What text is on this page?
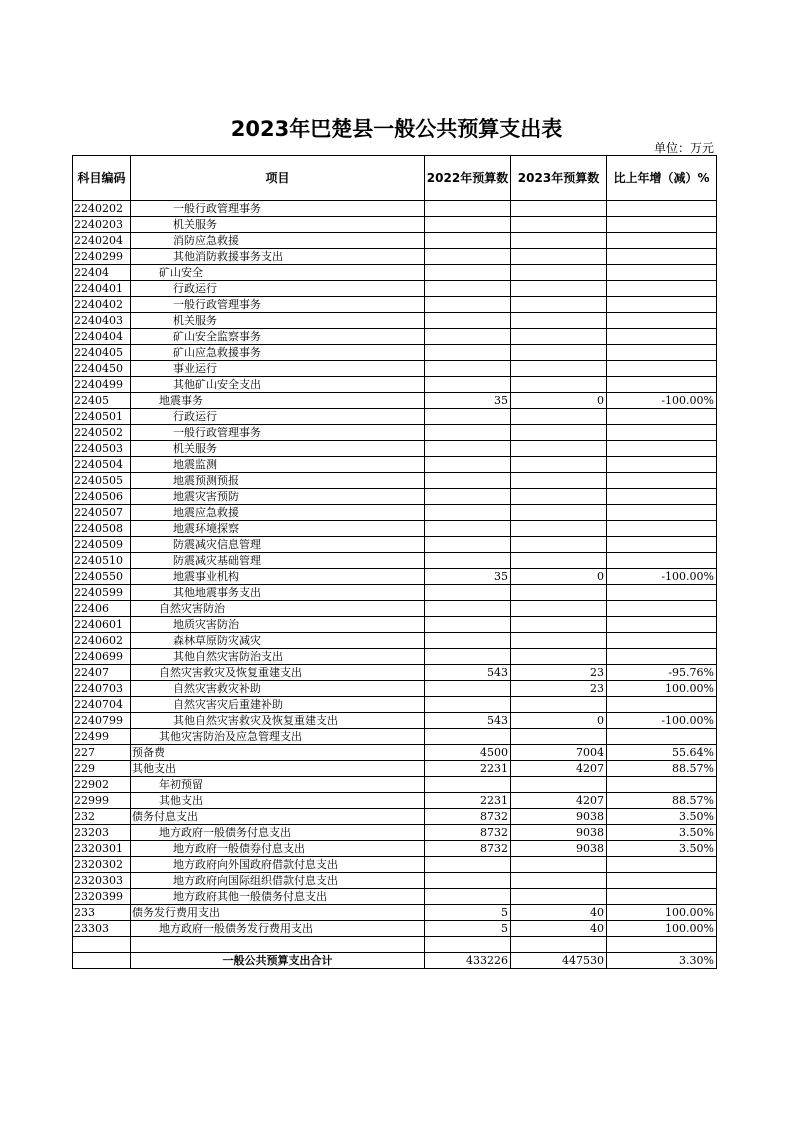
2023年巴楚县一般公共预算支出表
单位：万元
科目编码	项目	2022年预算数	2023年预算数	比上年增（减）%
2240202	一般行政管理事务			
2240203	机关服务			
2240204	消防应急救援			
2240299	其他消防救援事务支出			
22404	矿山安全			
2240401	行政运行			
2240402	一般行政管理事务			
2240403	机关服务			
2240404	矿山安全监察事务			
2240405	矿山应急救援事务			
2240450	事业运行			
2240499	其他矿山安全支出			
22405	地震事务	35	0	-100.00%
2240501	行政运行			
2240502	一般行政管理事务			
2240503	机关服务			
2240504	地震监测			
2240505	地震预测预报			
2240506	地震灾害预防			
2240507	地震应急救援			
2240508	地震环境探察			
2240509	防震减灾信息管理			
2240510	防震减灾基础管理			
2240550	地震事业机构	35	0	-100.00%
2240599	其他地震事务支出			
22406	自然灾害防治			
2240601	地质灾害防治			
2240602	森林草原防灾减灾			
2240699	其他自然灾害防治支出			
22407	自然灾害救灾及恢复重建支出	543	23	-95.76%
2240703	自然灾害救灾补助		23	100.00%
2240704	自然灾害灾后重建补助			
2240799	其他自然灾害救灾及恢复重建支出	543	0	-100.00%
22499	其他灾害防治及应急管理支出			
227	预备费	4500	7004	55.64%
229	其他支出	2231	4207	88.57%
22902	年初预留			
22999	其他支出	2231	4207	88.57%
232	债务付息支出	8732	9038	3.50%
23203	地方政府一般债务付息支出	8732	9038	3.50%
2320301	地方政府一般债券付息支出	8732	9038	3.50%
2320302	地方政府向外国政府借款付息支出			
2320303	地方政府向国际组织借款付息支出			
2320399	地方政府其他一般债务付息支出			
233	债务发行费用支出	5	40	100.00%
23303	地方政府一般债务发行费用支出	5	40	100.00%

	一般公共预算支出合计	433226	447530	3.30%
